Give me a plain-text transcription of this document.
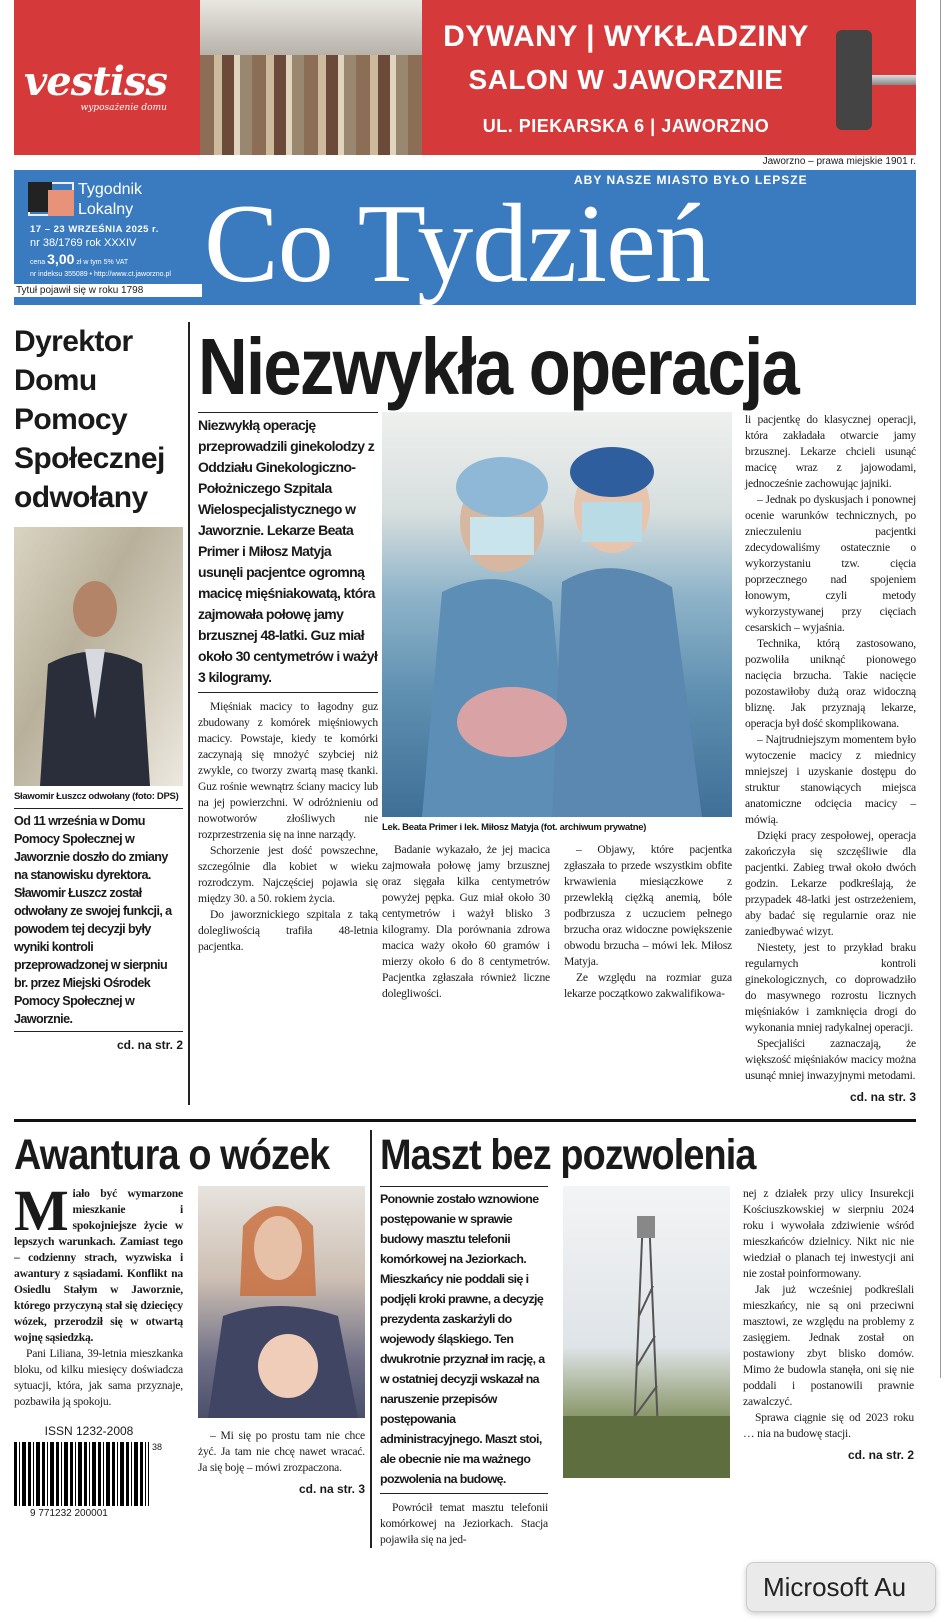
vestiss
wyposażenie domu
DYWANY | WYKŁADZINY
SALON W JAWORZNIE
UL. PIEKARSKA 6 | JAWORZNO
Jaworzno – prawa miejskie 1901 r.
Tygodnik
Lokalny
17 – 23 WRZEŚNIA 2025 r.
nr 38/1769 rok XXXIV
cena 3,00 zł w tym 5% VAT
nr indeksu 355089 • http://www.ct.jaworzno.pl
Tytuł pojawił się w roku 1798 Co Tydzień
ABY NASZE MIASTO BYŁO LEPSZE
Dyrektor Domu Pomocy Społecznej odwołany
Sławomir Łuszcz odwołany (foto: DPS)
Od 11 września w Domu Pomocy Społecznej w Jaworznie doszło do zmiany na stanowisku dyrektora. Sławomir Łuszcz został odwołany ze swojej funkcji, a powodem tej decyzji były wyniki kontroli przeprowadzonej w sierpniu br. przez Miejski Ośrodek Pomocy Społecznej w Jaworznie.
cd. na str. 2
Niezwykła operacja
Niezwykłą operację przeprowadzili ginekolodzy z Oddziału Ginekologiczno-Położniczego Szpitala Wielospecjalistycznego w Jaworznie. Lekarze Beata Primer i Miłosz Matyja usunęli pacjentce ogromną macicę mięśniakowatą, która zajmowała połowę jamy brzusznej 48-latki. Guz miał około 30 centymetrów i ważył 3 kilogramy.

Mięśniak macicy to łagodny guz zbudowany z komórek mięśniowych macicy. Powstaje, kiedy te komórki zaczynają się mnożyć szybciej niż zwykle, co tworzy zwartą masę tkanki. Guz rośnie wewnątrz ściany macicy lub na jej powierzchni. W odróżnieniu od nowotworów złośliwych nie rozprzestrzenia się na inne narządy.

Schorzenie jest dość powszechne, szczególnie dla kobiet w wieku rozrodczym. Najczęściej pojawia się między 30. a 50. rokiem życia.

Do jaworznickiego szpitala z taką dolegliwością trafiła 48-letnia pacjentka.

Lek. Beata Primer i lek. Miłosz Matyja (fot. archiwum prywatne)

Badanie wykazało, że jej macica zajmowała połowę jamy brzusznej oraz sięgała kilka centymetrów powyżej pępka. Guz miał około 30 centymetrów i ważył blisko 3 kilogramy. Dla porównania zdrowa macica waży około 60 gramów i mierzy około 6 do 8 centymetrów. Pacjentka zgłaszała również liczne dolegliwości.

– Objawy, które pacjentka zgłaszała to przede wszystkim obfite krwawienia miesiączkowe z przewlekłą ciężką anemią, bóle podbrzusza z uczuciem pełnego brzucha oraz widoczne powiększenie obwodu brzucha – mówi lek. Miłosz Matyja.

Ze względu na rozmiar guza lekarze początkowo zakwalifikowa-

li pacjentkę do klasycznej operacji, która zakładała otwarcie jamy brzusznej. Lekarze chcieli usunąć macicę wraz z jajowodami, jednocześnie zachowując jajniki.

– Jednak po dyskusjach i ponownej ocenie warunków technicznych, po znieczuleniu pacjentki zdecydowaliśmy ostatecznie o wykorzystaniu tzw. cięcia poprzecznego nad spojeniem łonowym, czyli metody wykorzystywanej przy cięciach cesarskich – wyjaśnia.

Technika, którą zastosowano, pozwoliła uniknąć pionowego nacięcia brzucha. Takie nacięcie pozostawiłoby dużą oraz widoczną bliznę. Jak przyznają lekarze, operacja był dość skomplikowana.

– Najtrudniejszym momentem było wytoczenie macicy z miednicy mniejszej i uzyskanie dostępu do struktur stanowiących miejsca anatomiczne odcięcia macicy – mówią.

Dzięki pracy zespołowej, operacja zakończyła się szczęśliwie dla pacjentki. Zabieg trwał około dwóch godzin. Lekarze podkreślają, że przypadek 48-latki jest ostrzeżeniem, aby badać się regularnie oraz nie zaniedbywać wizyt.

Niestety, jest to przykład braku regularnych kontroli ginekologicznych, co doprowadziło do masywnego rozrostu licznych mięśniaków i zamknięcia drogi do wykonania mniej radykalnej operacji.

Specjaliści zaznaczają, że większość mięśniaków macicy można usunąć mniej inwazyjnymi metodami.

cd. na str. 3
Awantura o wózek
Miało być wymarzone mieszkanie i spokojniejsze życie w lepszych warunkach. Zamiast tego – codzienny strach, wyzwiska i awantury z sąsiadami. Konflikt na Osiedlu Stałym w Jaworznie, którego przyczyną stał się dziecięcy wózek, przerodził się w otwartą wojnę sąsiedzką.

Pani Liliana, 39-letnia mieszkanka bloku, od kilku miesięcy doświadcza sytuacji, która, jak sama przyznaje, pozbawiła ją spokoju.

ISSN 1232-2008
38
9 771232 200001

– Mi się po prostu tam nie chce żyć. Ja tam nie chcę nawet wracać. Ja się boję – mówi zrozpaczona.

cd. na str. 3
Maszt bez pozwolenia
Ponownie zostało wznowione postępowanie w sprawie budowy masztu telefonii komórkowej na Jeziorkach. Mieszkańcy nie poddali się i podjęli kroki prawne, a decyzję prezydenta zaskarżyli do wojewody śląskiego. Ten dwukrotnie przyznał im rację, a w ostatniej decyzji wskazał na naruszenie przepisów postępowania administracyjnego. Maszt stoi, ale obecnie nie ma ważnego pozwolenia na budowę.

Powrócił temat masztu telefonii komórkowej na Jeziorkach. Stacja pojawiła się na jed-

nej z działek przy ulicy Insurekcji Kościuszkowskiej w sierpniu 2024 roku i wywołała zdziwienie wśród mieszkańców dzielnicy. Nikt nic nie wiedział o planach tej inwestycji ani nie został poinformowany.

Jak już wcześniej podkreślali mieszkańcy, nie są oni przeciwni masztowi, ze względu na problemy z zasięgiem. Jednak został on postawiony zbyt blisko domów. Mimo że budowla stanęła, oni się nie poddali i postanowili prawnie zawalczyć.

Sprawa ciągnie się od 2023 roku … nia na budowę stacji.

cd. na str. 2
Microsoft Au
